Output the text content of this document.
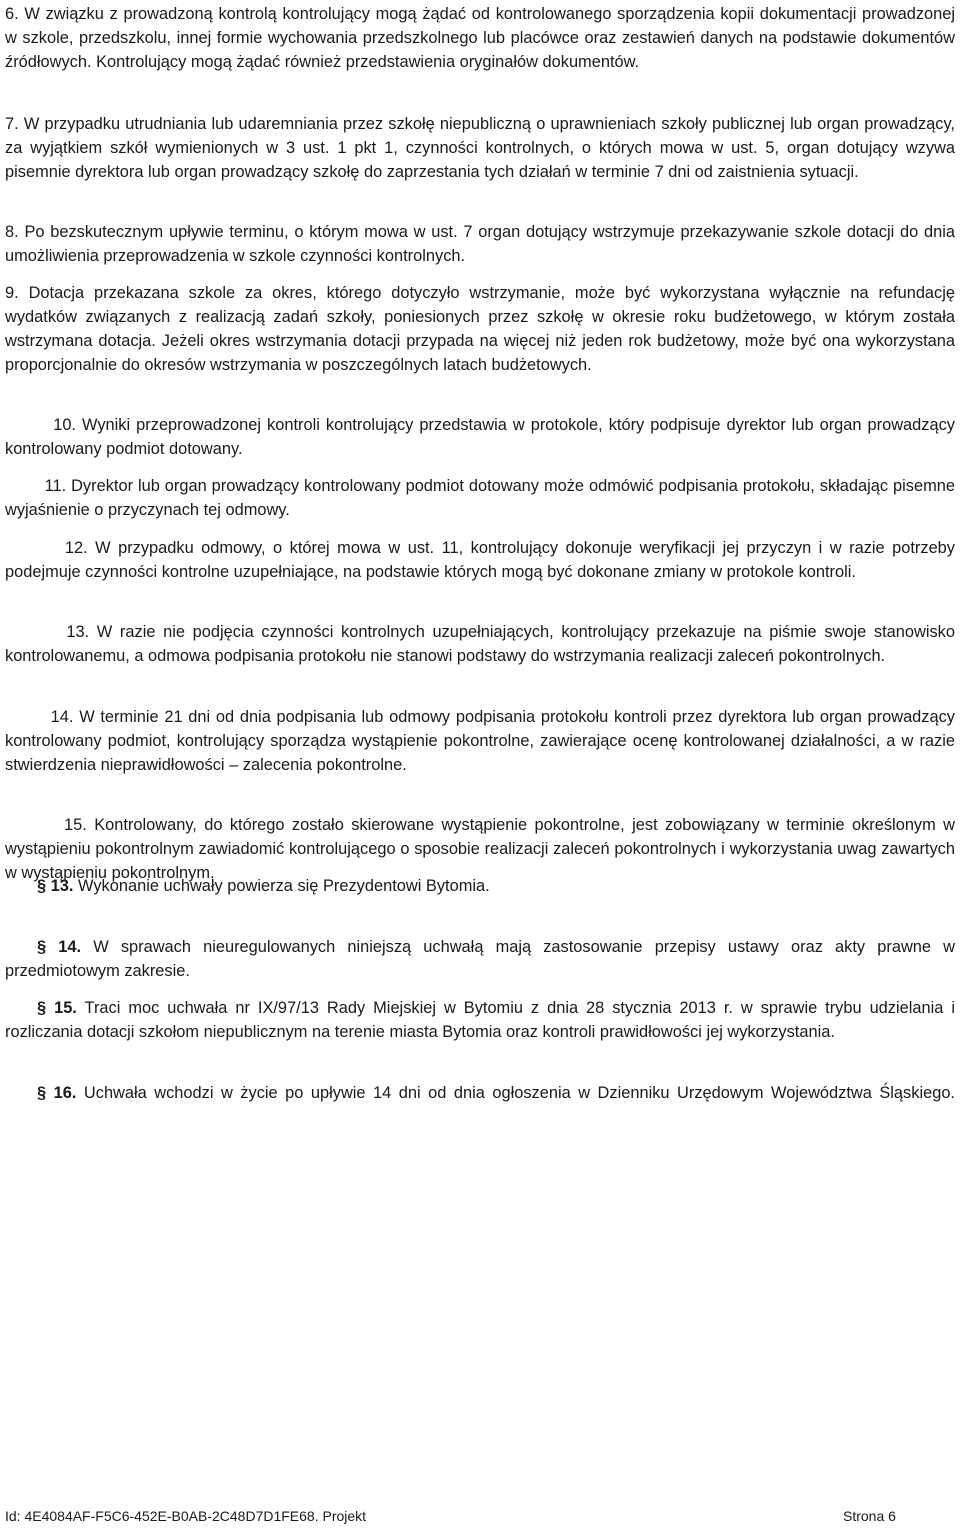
6. W związku z prowadzoną kontrolą kontrolujący mogą żądać od kontrolowanego sporządzenia kopii dokumentacji prowadzonej w szkole, przedszkolu, innej formie wychowania przedszkolnego lub placówce oraz zestawień danych na podstawie dokumentów źródłowych. Kontrolujący mogą żądać również przedstawienia oryginałów dokumentów.

7. W przypadku utrudniania lub udaremniania przez szkołę niepubliczną o uprawnieniach szkoły publicznej lub organ prowadzący, za wyjątkiem szkół wymienionych w 3 ust. 1 pkt 1, czynności kontrolnych, o których mowa w ust. 5, organ dotujący wzywa pisemnie dyrektora lub organ prowadzący szkołę do zaprzestania tych działań w terminie 7 dni od zaistnienia sytuacji.

8. Po bezskutecznym upływie terminu, o którym mowa w ust. 7 organ dotujący wstrzymuje przekazywanie szkole dotacji do dnia umożliwienia przeprowadzenia w szkole czynności kontrolnych.

9. Dotacja przekazana szkole za okres, którego dotyczyło wstrzymanie, może być wykorzystana wyłącznie na refundację wydatków związanych z realizacją zadań szkoły, poniesionych przez szkołę w okresie roku budżetowego, w którym została wstrzymana dotacja. Jeżeli okres wstrzymania dotacji przypada na więcej niż jeden rok budżetowy, może być ona wykorzystana proporcjonalnie do okresów wstrzymania w poszczególnych latach budżetowych.

10. Wyniki przeprowadzonej kontroli kontrolujący przedstawia w protokole, który podpisuje dyrektor lub organ prowadzący kontrolowany podmiot dotowany.

11. Dyrektor lub organ prowadzący kontrolowany podmiot dotowany może odmówić podpisania protokołu, składając pisemne wyjaśnienie o przyczynach tej odmowy.

12. W przypadku odmowy, o której mowa w ust. 11, kontrolujący dokonuje weryfikacji jej przyczyn i w razie potrzeby podejmuje czynności kontrolne uzupełniające, na podstawie których mogą być dokonane zmiany w protokole kontroli.

13. W razie nie podjęcia czynności kontrolnych uzupełniających, kontrolujący przekazuje na piśmie swoje stanowisko kontrolowanemu, a odmowa podpisania protokołu nie stanowi podstawy do wstrzymania realizacji zaleceń pokontrolnych.

14. W terminie 21 dni od dnia podpisania lub odmowy podpisania protokołu kontroli przez dyrektora lub organ prowadzący kontrolowany podmiot, kontrolujący sporządza wystąpienie pokontrolne, zawierające ocenę kontrolowanej działalności, a w razie stwierdzenia nieprawidłowości – zalecenia pokontrolne.

15. Kontrolowany, do którego zostało skierowane wystąpienie pokontrolne, jest zobowiązany w terminie określonym w wystąpieniu pokontrolnym zawiadomić kontrolującego o sposobie realizacji zaleceń pokontrolnych i wykorzystania uwag zawartych w wystąpieniu pokontrolnym.

§ 13. Wykonanie uchwały powierza się Prezydentowi Bytomia.

§ 14. W sprawach nieuregulowanych niniejszą uchwałą mają zastosowanie przepisy ustawy oraz akty prawne w przedmiotowym zakresie.

§ 15. Traci moc uchwała nr IX/97/13 Rady Miejskiej w Bytomiu z dnia 28 stycznia 2013 r. w sprawie trybu udzielania i rozliczania dotacji szkołom niepublicznym na terenie miasta Bytomia oraz kontroli prawidłowości jej wykorzystania.

§ 16. Uchwała wchodzi w życie po upływie 14 dni od dnia ogłoszenia w Dzienniku Urzędowym Województwa Śląskiego.

Id: 4E4084AF-F5C6-452E-B0AB-2C48D7D1FE68. Projekt	Strona 6
